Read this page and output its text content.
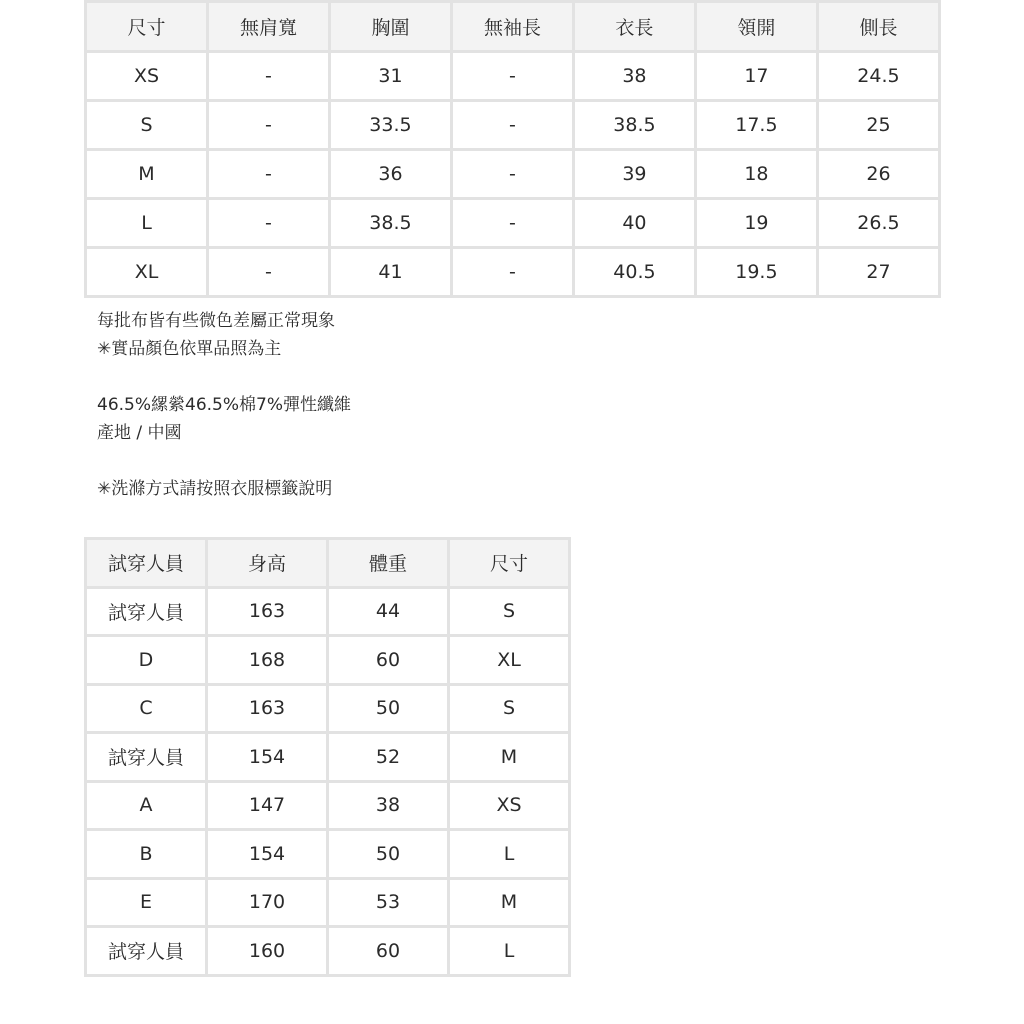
尺寸	無肩寬	胸圍	無袖長	衣長	領開	側長
XS	-	31	-	38	17	24.5
S	-	33.5	-	38.5	17.5	25
M	-	36	-	39	18	26
L	-	38.5	-	40	19	26.5
XL	-	41	-	40.5	19.5	27
每批布皆有些微色差屬正常現象
✳實品顏色依單品照為主
46.5%縲縈46.5%棉7%彈性纖維
產地 / 中國
✳洗滌方式請按照衣服標籤說明
試穿人員	身高	體重	尺寸
試穿人員	163	44	S
D	168	60	XL
C	163	50	S
試穿人員	154	52	M
A	147	38	XS
B	154	50	L
E	170	53	M
試穿人員	160	60	L
